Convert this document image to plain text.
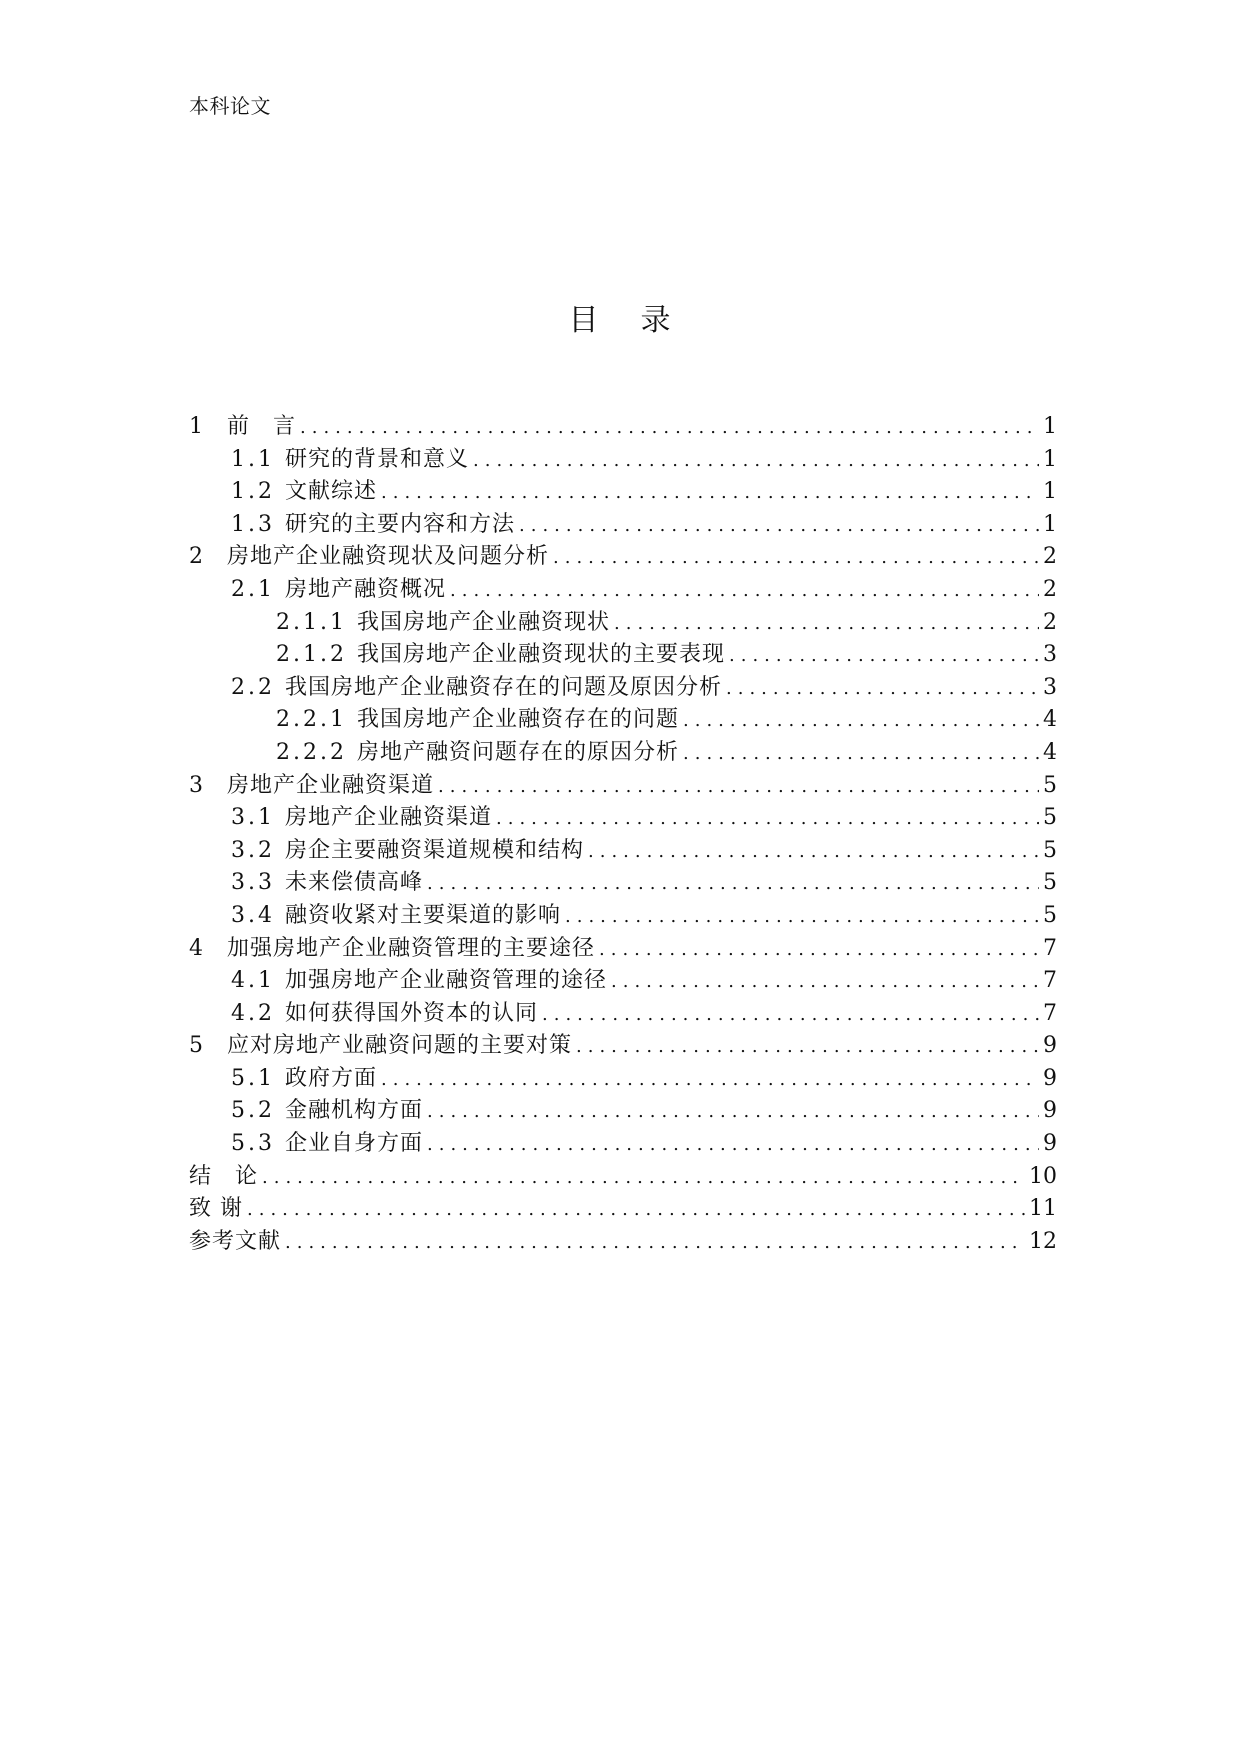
本科论文
目 录
1	前　言 .....	1
1.1 研究的背景和意义 .....	1
1.2 文献综述 .....	1
1.3 研究的主要内容和方法 .....	1
2	房地产企业融资现状及问题分析 .....	2
2.1 房地产融资概况 .....	2
2.1.1 我国房地产企业融资现状 .....	2
2.1.2 我国房地产企业融资现状的主要表现 .....	3
2.2 我国房地产企业融资存在的问题及原因分析 .....	3
2.2.1 我国房地产企业融资存在的问题 .....	4
2.2.2 房地产融资问题存在的原因分析 .....	4
3	房地产企业融资渠道 .....	5
3.1 房地产企业融资渠道 .....	5
3.2 房企主要融资渠道规模和结构 .....	5
3.3 未来偿债高峰 .....	5
3.4 融资收紧对主要渠道的影响 .....	5
4	加强房地产企业融资管理的主要途径 .....	7
4.1 加强房地产企业融资管理的途径 .....	7
4.2 如何获得国外资本的认同 .....	7
5	应对房地产业融资问题的主要对策 .....	9
5.1 政府方面 .....	9
5.2 金融机构方面 .....	9
5.3 企业自身方面 .....	9
结　论 .....	10
致 谢 .....	11
参考文献 .....	12
